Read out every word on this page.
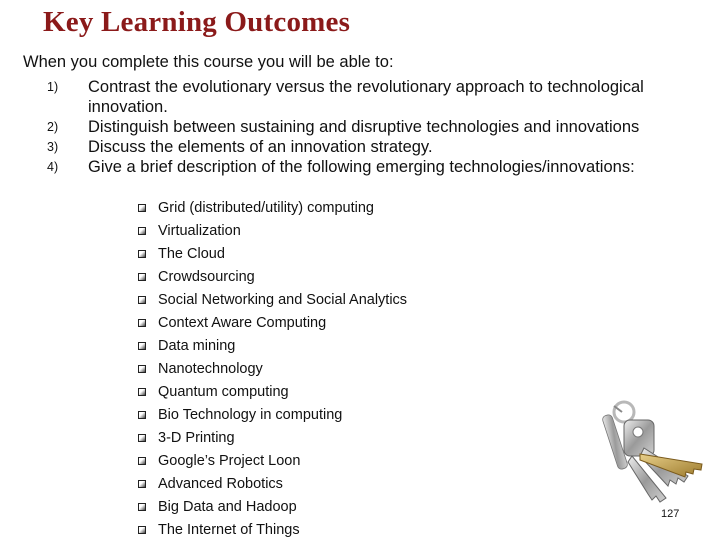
Key Learning Outcomes
When you complete this course you will be able to:
1)	Contrast the evolutionary versus the revolutionary approach to technological innovation.
2)	Distinguish between sustaining and disruptive technologies and innovations
3)	Discuss the elements of an innovation strategy.
4)	Give a brief description of the following emerging technologies/innovations:
Grid (distributed/utility) computing
Virtualization
The Cloud
Crowdsourcing
Social Networking and Social Analytics
Context Aware Computing
Data mining
Nanotechnology
Quantum computing
Bio Technology in computing
3-D Printing
Google’s Project Loon
Advanced Robotics
Big Data and Hadoop
The Internet of Things
127
